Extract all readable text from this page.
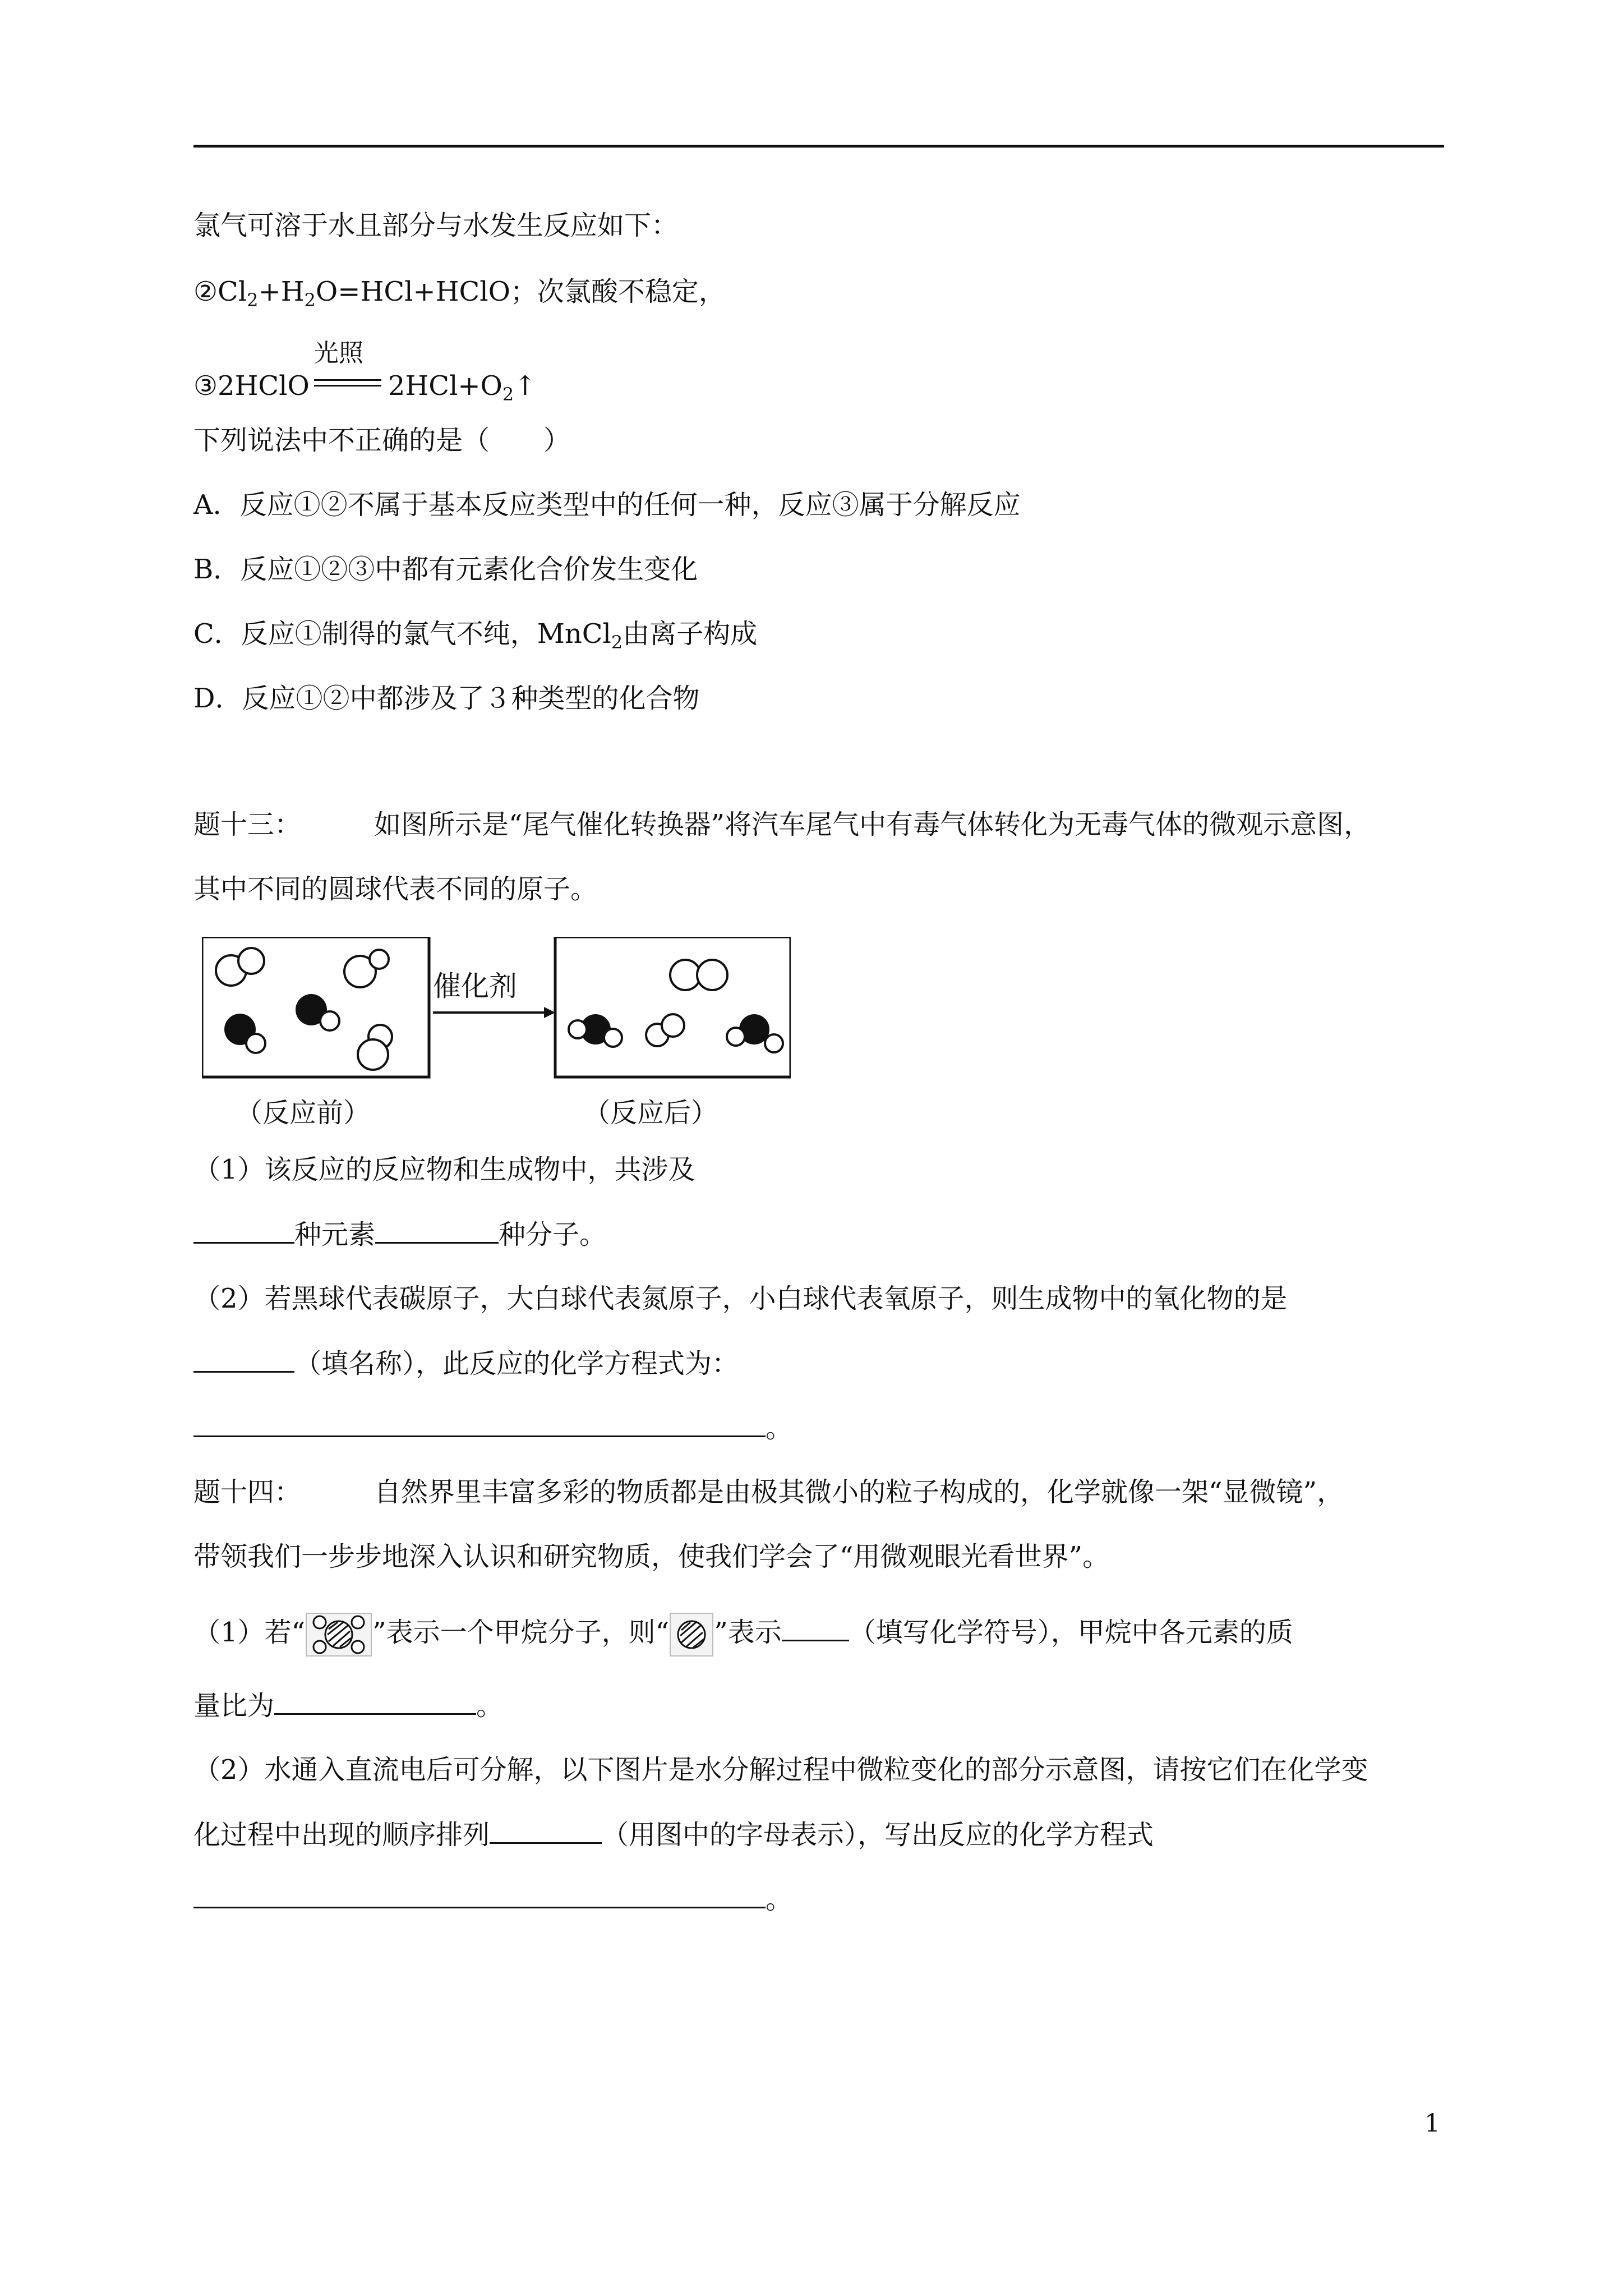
氯气可溶于水且部分与水发生反应如下：
$②Cl_2+H_2O=HCl+HClO$；次氯酸不稳定，
③2HClO
光照
$2HCl+O_2↑$
下列说法中不正确的是（　　）
A．反应①②不属于基本反应类型中的任何一种，反应③属于分解反应
B．反应①②③中都有元素化合价发生变化
C．反应①制得的氯气不纯，MnCl$_2$由离子构成
D．反应①②中都涉及了３种类型的化合物
题十三：	如图所示是“尾气催化转换器”将汽车尾气中有毒气体转化为无毒气体的微观示意图，
其中不同的圆球代表不同的原子。
催化剂
（反应前）	（反应后）
（1）该反应的反应物和生成物中，共涉及
种元素	种分子。
（2）若黑球代表碳原子，大白球代表氮原子，小白球代表氧原子，则生成物中的氧化物的是
（填名称），此反应的化学方程式为：
。
题十四：	自然界里丰富多彩的物质都是由极其微小的粒子构成的，化学就像一架“显微镜”，
带领我们一步步地深入认识和研究物质，使我们学会了“用微观眼光看世界”。
（1）若“	”表示一个甲烷分子，则“ ”表示	（填写化学符号），甲烷中各元素的质
量比为	。
（2）水通入直流电后可分解，以下图片是水分解过程中微粒变化的部分示意图，请按它们在化学变
化过程中出现的顺序排列	（用图中的字母表示），写出反应的化学方程式
。
1
